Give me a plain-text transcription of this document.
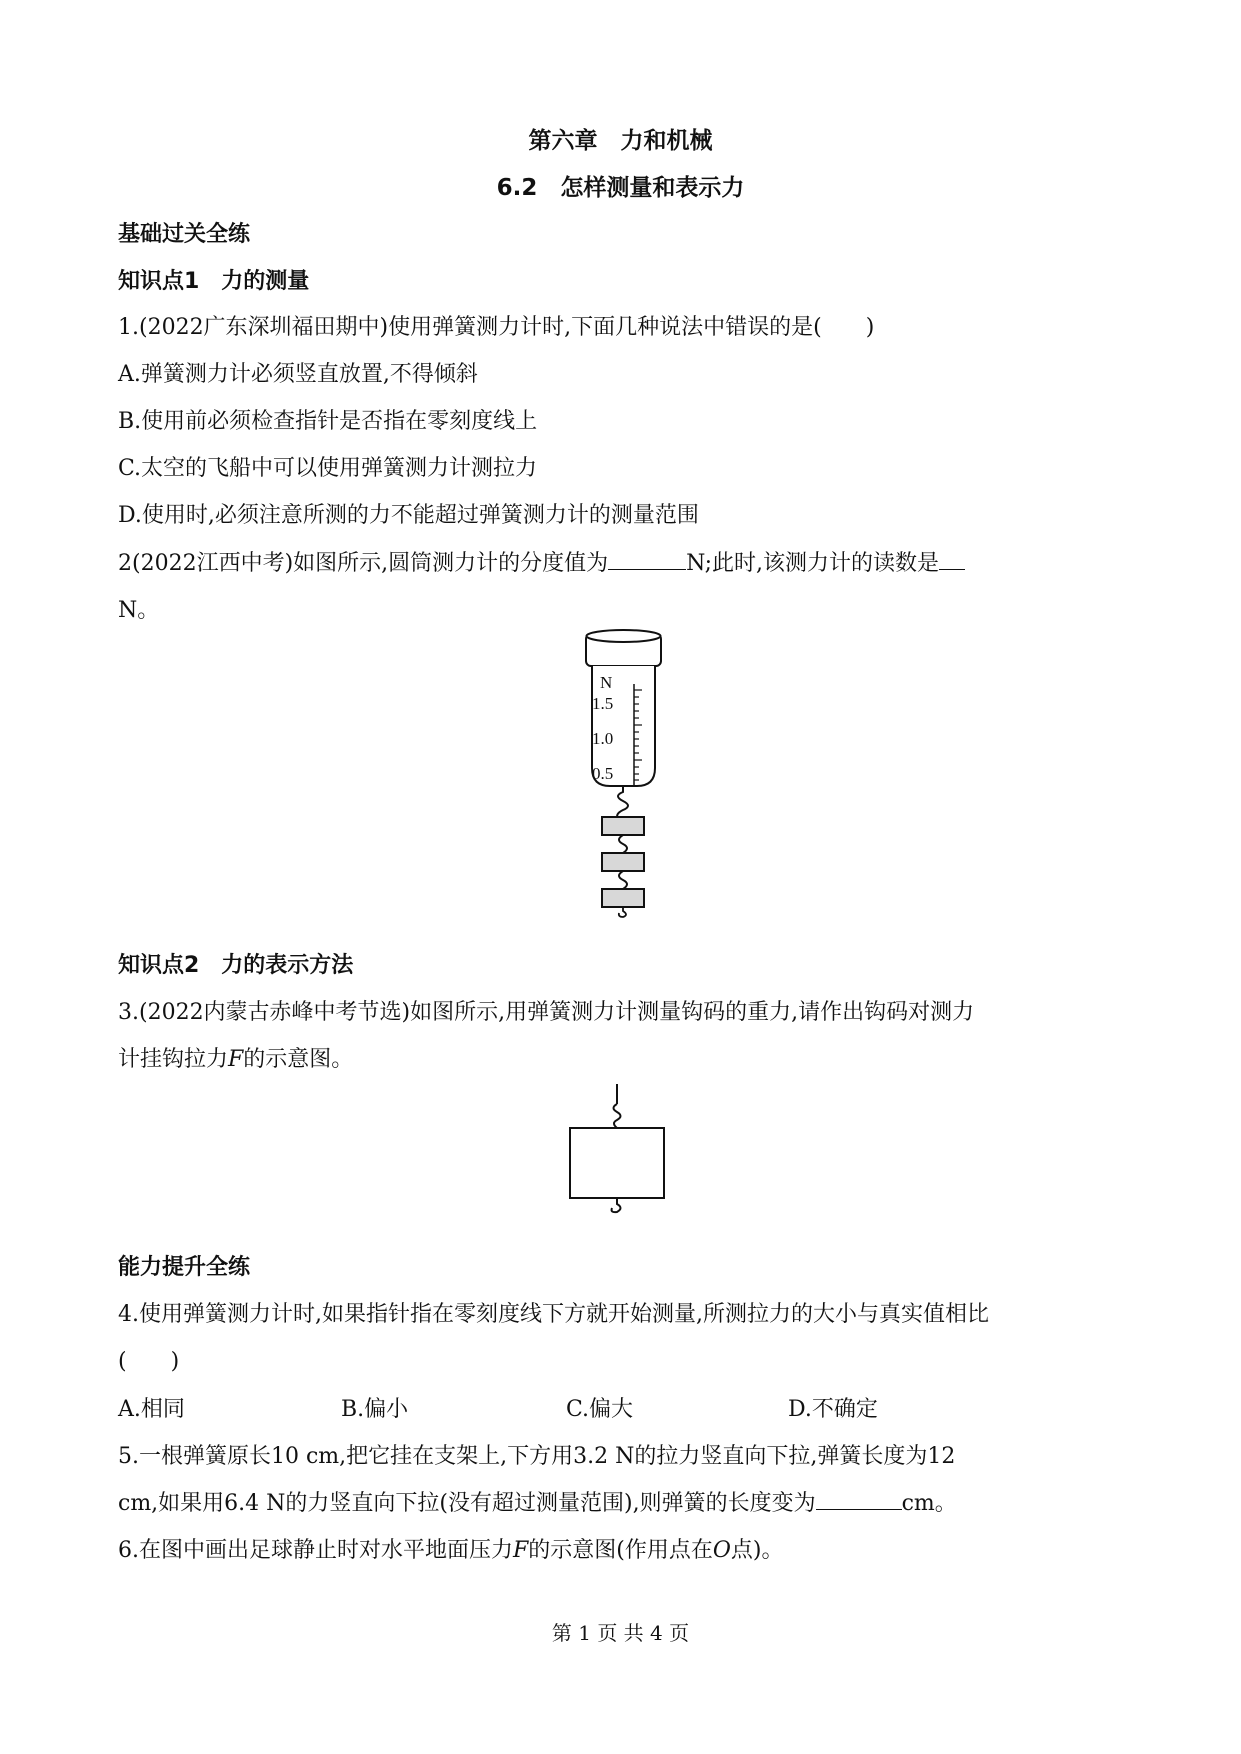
第六章　力和机械
6.2　怎样测量和表示力
基础过关全练
知识点1　力的测量
1.(2022广东深圳福田期中)使用弹簧测力计时,下面几种说法中错误的是(　　)
A.弹簧测力计必须竖直放置,不得倾斜
B.使用前必须检查指针是否指在零刻度线上
C.太空的飞船中可以使用弹簧测力计测拉力
D.使用时,必须注意所测的力不能超过弹簧测力计的测量范围
2(2022江西中考)如图所示,圆筒测力计的分度值为	N;此时,该测力计的读数是
N。
N
1.5
1.0
0.5
知识点2　力的表示方法
3.(2022内蒙古赤峰中考节选)如图所示,用弹簧测力计测量钩码的重力,请作出钩码对测力
计挂钩拉力F的示意图。
能力提升全练
4.使用弹簧测力计时,如果指针指在零刻度线下方就开始测量,所测拉力的大小与真实值相比
(　　)
A.相同	B.偏小	C.偏大	D.不确定
5.一根弹簧原长10 cm,把它挂在支架上,下方用3.2 N的拉力竖直向下拉,弹簧长度为12
cm,如果用6.4 N的力竖直向下拉(没有超过测量范围),则弹簧的长度变为	cm。
6.在图中画出足球静止时对水平地面压力F的示意图(作用点在O点)。
第 1 页 共 4 页
